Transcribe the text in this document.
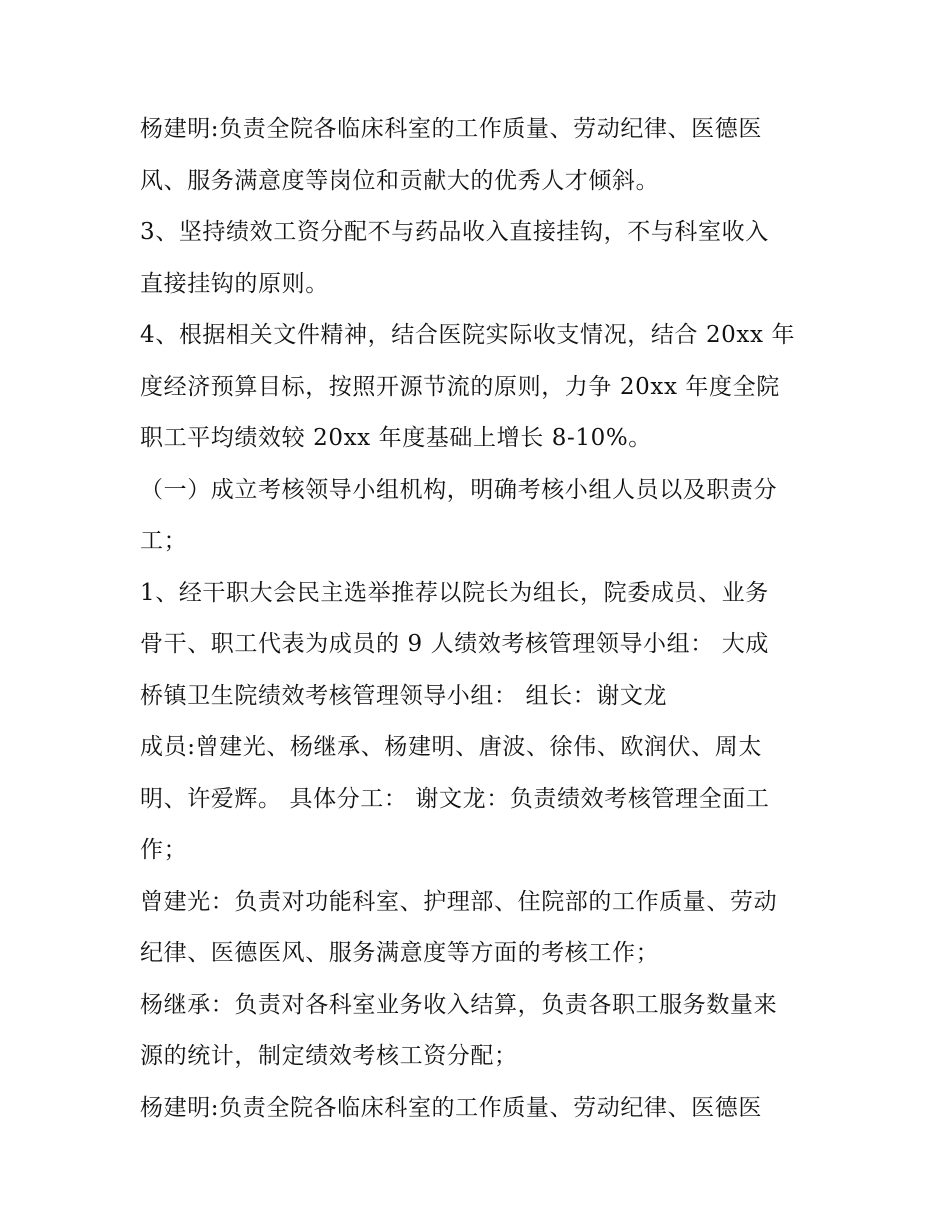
杨建明:负责全院各临床科室的工作质量、劳动纪律、医德医
风、服务满意度等岗位和贡献大的优秀人才倾斜。
3、坚持绩效工资分配不与药品收入直接挂钩，不与科室收入
直接挂钩的原则。
4、根据相关文件精神，结合医院实际收支情况，结合 20xx 年
度经济预算目标，按照开源节流的原则，力争 20xx 年度全院
职工平均绩效较 20xx 年度基础上增长 8-10%。
（一）成立考核领导小组机构，明确考核小组人员以及职责分
工；
1、经干职大会民主选举推荐以院长为组长，院委成员、业务
骨干、职工代表为成员的 9 人绩效考核管理领导小组： 大成
桥镇卫生院绩效考核管理领导小组： 组长：谢文龙
成员:曾建光、杨继承、杨建明、唐波、徐伟、欧润伏、周太
明、许爱辉。 具体分工： 谢文龙：负责绩效考核管理全面工
作；
曾建光：负责对功能科室、护理部、住院部的工作质量、劳动
纪律、医德医风、服务满意度等方面的考核工作；
杨继承：负责对各科室业务收入结算，负责各职工服务数量来
源的统计，制定绩效考核工资分配；
杨建明:负责全院各临床科室的工作质量、劳动纪律、医德医
